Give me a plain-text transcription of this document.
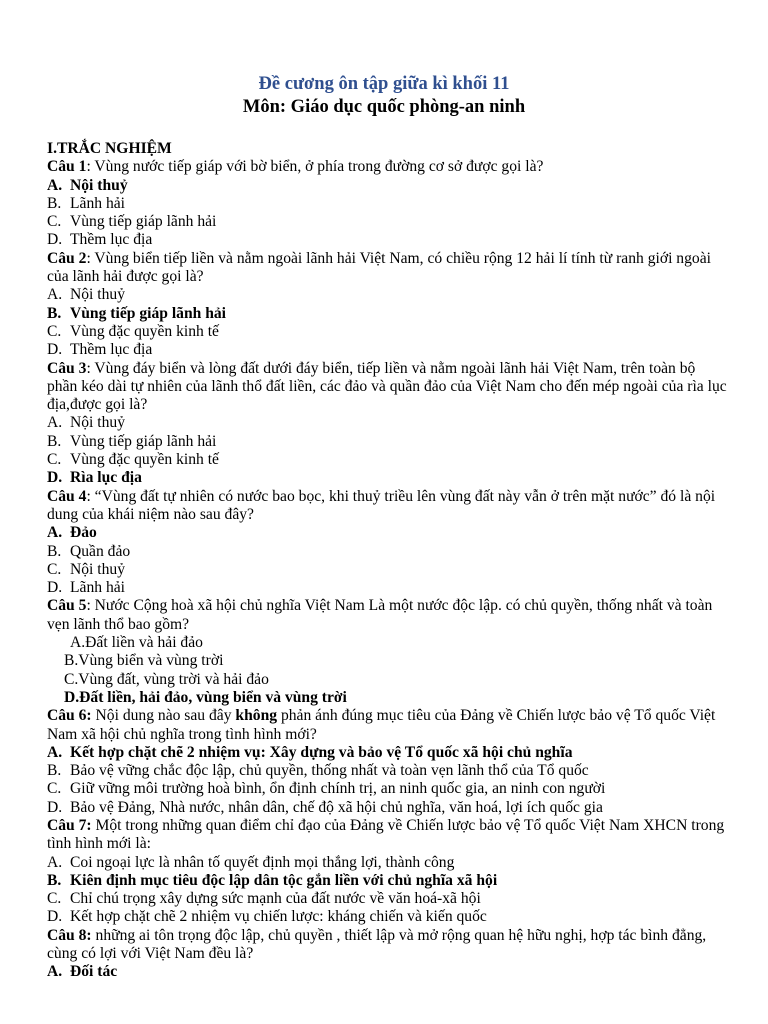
Đề cương ôn tập giữa kì khối 11
Môn: Giáo dục quốc phòng-an ninh
I.TRẮC NGHIỆM
Câu 1: Vùng nước tiếp giáp với bờ biển, ở phía trong đường cơ sở được gọi là?
A. Nội thuỷ
B. Lãnh hải
C. Vùng tiếp giáp lãnh hải
D. Thềm lục địa
Câu 2: Vùng biển tiếp liền và nằm ngoài lãnh hải Việt Nam, có chiều rộng 12 hải lí tính từ ranh giới ngoài của lãnh hải được gọi là?
A. Nội thuỷ
B. Vùng tiếp giáp lãnh hải
C. Vùng đặc quyền kinh tế
D. Thềm lục địa
Câu 3: Vùng đáy biển và lòng đất dưới đáy biển, tiếp liền và nằm ngoài lãnh hải Việt Nam, trên toàn bộ phần kéo dài tự nhiên của lãnh thổ đất liền, các đảo và quần đảo của Việt Nam cho đến mép ngoài của rìa lục địa,được gọi là?
A. Nội thuỷ
B. Vùng tiếp giáp lãnh hải
C. Vùng đặc quyền kinh tế
D. Rìa lục địa
Câu 4: “Vùng đất tự nhiên có nước bao bọc, khi thuỷ triều lên vùng đất này vẫn ở trên mặt nước” đó là nội dung của khái niệm nào sau đây?
A. Đảo
B. Quần đảo
C. Nội thuỷ
D. Lãnh hải
Câu 5: Nước Cộng hoà xã hội chủ nghĩa Việt Nam Là một nước độc lập. có chủ quyền, thống nhất và toàn vẹn lãnh thổ bao gồm?
A.Đất liền và hải đảo
B.Vùng biển và vùng trời
C.Vùng đất, vùng trời và hải đảo
D.Đất liền, hải đảo, vùng biển và vùng trời
Câu 6: Nội dung nào sau đây không phản ánh đúng mục tiêu của Đảng về Chiến lược bảo vệ Tổ quốc Việt Nam xã hội chủ nghĩa trong tình hình mới?
A. Kết hợp chặt chẽ 2 nhiệm vụ: Xây dựng và bảo vệ Tổ quốc xã hội chủ nghĩa
B. Bảo vệ vững chắc độc lập, chủ quyền, thống nhất và toàn vẹn lãnh thổ của Tổ quốc
C. Giữ vững môi trường hoà bình, ổn định chính trị, an ninh quốc gia, an ninh con người
D. Bảo vệ Đảng, Nhà nước, nhân dân, chế độ xã hội chủ nghĩa, văn hoá, lợi ích quốc gia
Câu 7: Một trong những quan điểm chỉ đạo của Đảng về Chiến lược bảo vệ Tổ quốc Việt Nam XHCN trong tình hình mới là:
A. Coi ngoại lực là nhân tố quyết định mọi thắng lợi, thành công
B. Kiên định mục tiêu độc lập dân tộc gắn liền với chủ nghĩa xã hội
C. Chỉ chú trọng xây dựng sức mạnh của đất nước về văn hoá-xã hội
D. Kết hợp chặt chẽ 2 nhiệm vụ chiến lược: kháng chiến và kiến quốc
Câu 8: những ai tôn trọng độc lập, chủ quyền , thiết lập và mở rộng quan hệ hữu nghị, hợp tác bình đẳng, cùng có lợi với Việt Nam đều là?
A. Đối tác
